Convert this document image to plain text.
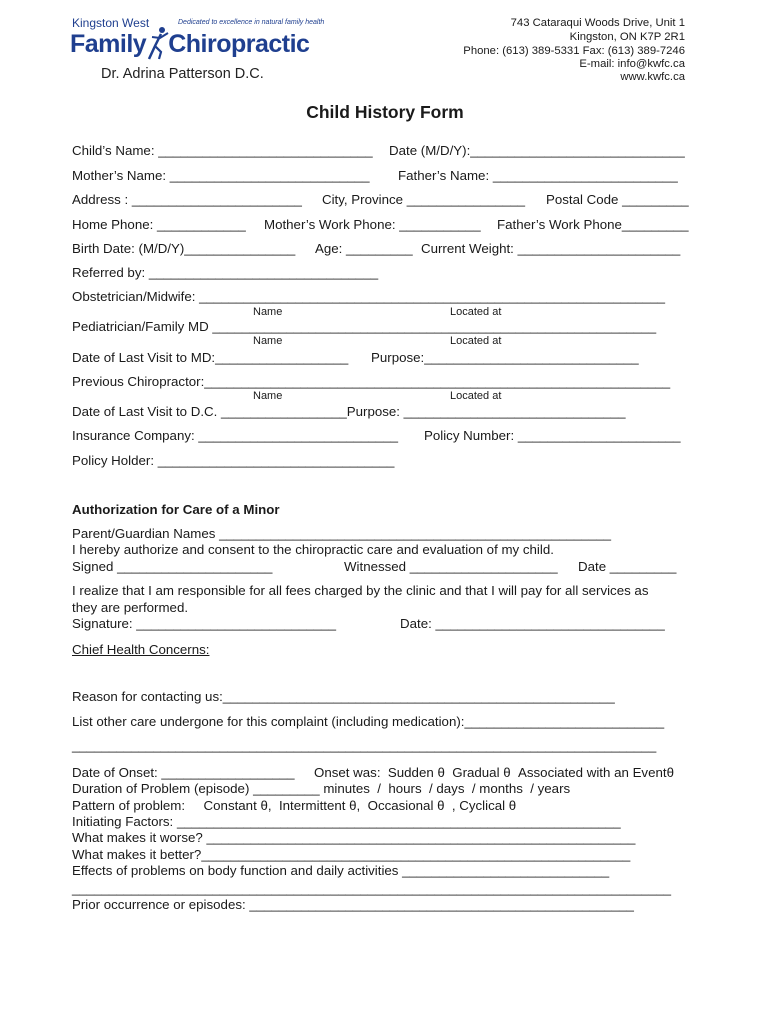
Kingston West	Dedicated to excellence in natural family health
Family Chiropractic
Dr. Adrina Patterson D.C.
743 Cataraqui Woods Drive, Unit 1
Kingston, ON K7P 2R1
Phone: (613) 389-5331 Fax: (613) 389-7246
E-mail: info@kwfc.ca
www.kwfc.ca
Child History Form
Child’s Name: _____________________________ Date (M/D/Y):_____________________________
Mother’s Name: ___________________________ Father’s Name: _________________________
Address : _______________________ City, Province ________________ Postal Code _________
Home Phone: ____________ Mother’s Work Phone: ___________ Father’s Work Phone_________
Birth Date: (M/D/Y)_______________ Age: _________ Current Weight: ______________________
Referred by: _______________________________
Obstetrician/Midwife: _______________________________________________________________
Name	Located at
Pediatrician/Family MD ____________________________________________________________
Name	Located at
Date of Last Visit to MD:__________________ Purpose:_____________________________
Previous Chiropractor:_______________________________________________________________
Name	Located at
Date of Last Visit to D.C. _________________Purpose: ______________________________
Insurance Company: ___________________________ Policy Number: ______________________
Policy Holder: ________________________________
Authorization for Care of a Minor
Parent/Guardian Names _____________________________________________________
I hereby authorize and consent to the chiropractic care and evaluation of my child.
Signed _____________________	Witnessed ____________________ Date _________
I realize that I am responsible for all fees charged by the clinic and that I will pay for all services as
they are performed.
Signature: ___________________________	Date: _______________________________
Chief Health Concerns:
Reason for contacting us:_____________________________________________________
List other care undergone for this complaint (including medication):___________________________
_______________________________________________________________________________
Date of Onset: __________________ Onset was:  Sudden θ  Gradual θ  Associated with an Eventθ
Duration of Problem (episode) _________ minutes  /  hours  / days  / months  / years
Pattern of problem:     Constant θ,  Intermittent θ,  Occasional θ  , Cyclical θ
Initiating Factors: ____________________________________________________________
What makes it worse? __________________________________________________________
What makes it better?__________________________________________________________
Effects of problems on body function and daily activities ____________________________
_________________________________________________________________________________
Prior occurrence or episodes: ____________________________________________________
